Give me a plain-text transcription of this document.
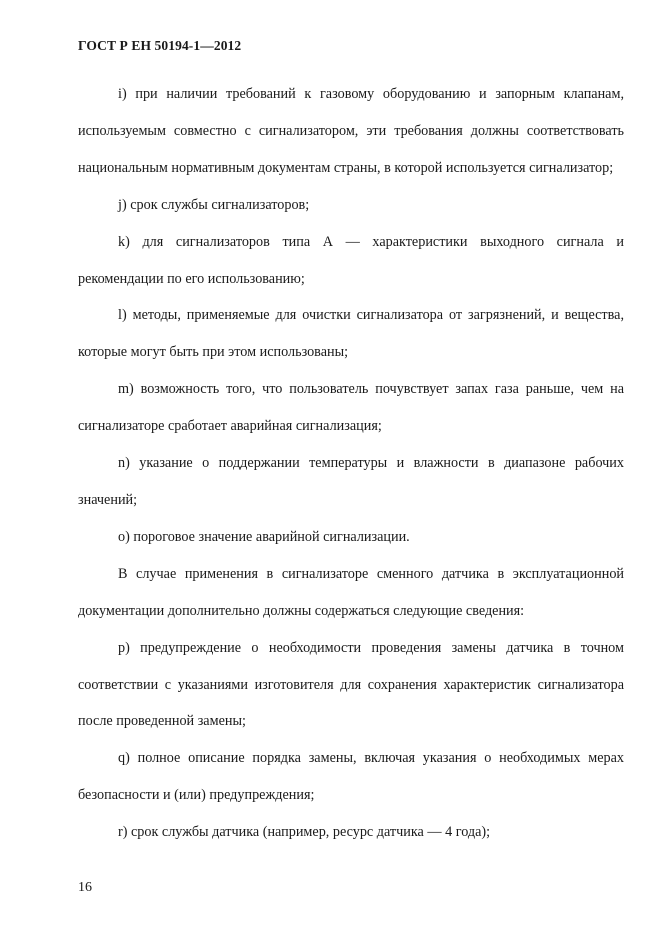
ГОСТ Р ЕН 50194-1—2012

i) при наличии требований к газовому оборудованию и запорным клапанам, используемым совместно с сигнализатором, эти требования должны соответствовать национальным нормативным документам страны, в которой используется сигнализатор;

j) срок службы сигнализаторов;

k) для сигнализаторов типа А — характеристики выходного сигнала и рекомендации по его использованию;

l) методы, применяемые для очистки сигнализатора от загрязнений, и вещества, которые могут быть при этом использованы;

m) возможность того, что пользователь почувствует запах газа раньше, чем на сигнализаторе сработает аварийная сигнализация;

n) указание о поддержании температуры и влажности в диапазоне рабочих значений;

o) пороговое значение аварийной сигнализации.

В случае применения в сигнализаторе сменного датчика в эксплуатационной документации дополнительно должны содержаться следующие сведения:

p) предупреждение о необходимости проведения замены датчика в точном соответствии с указаниями изготовителя для сохранения характеристик сигнализатора после проведенной замены;

q) полное описание порядка замены, включая указания о необходимых мерах безопасности и (или) предупреждения;

r) срок службы датчика (например, ресурс датчика — 4 года);

16
